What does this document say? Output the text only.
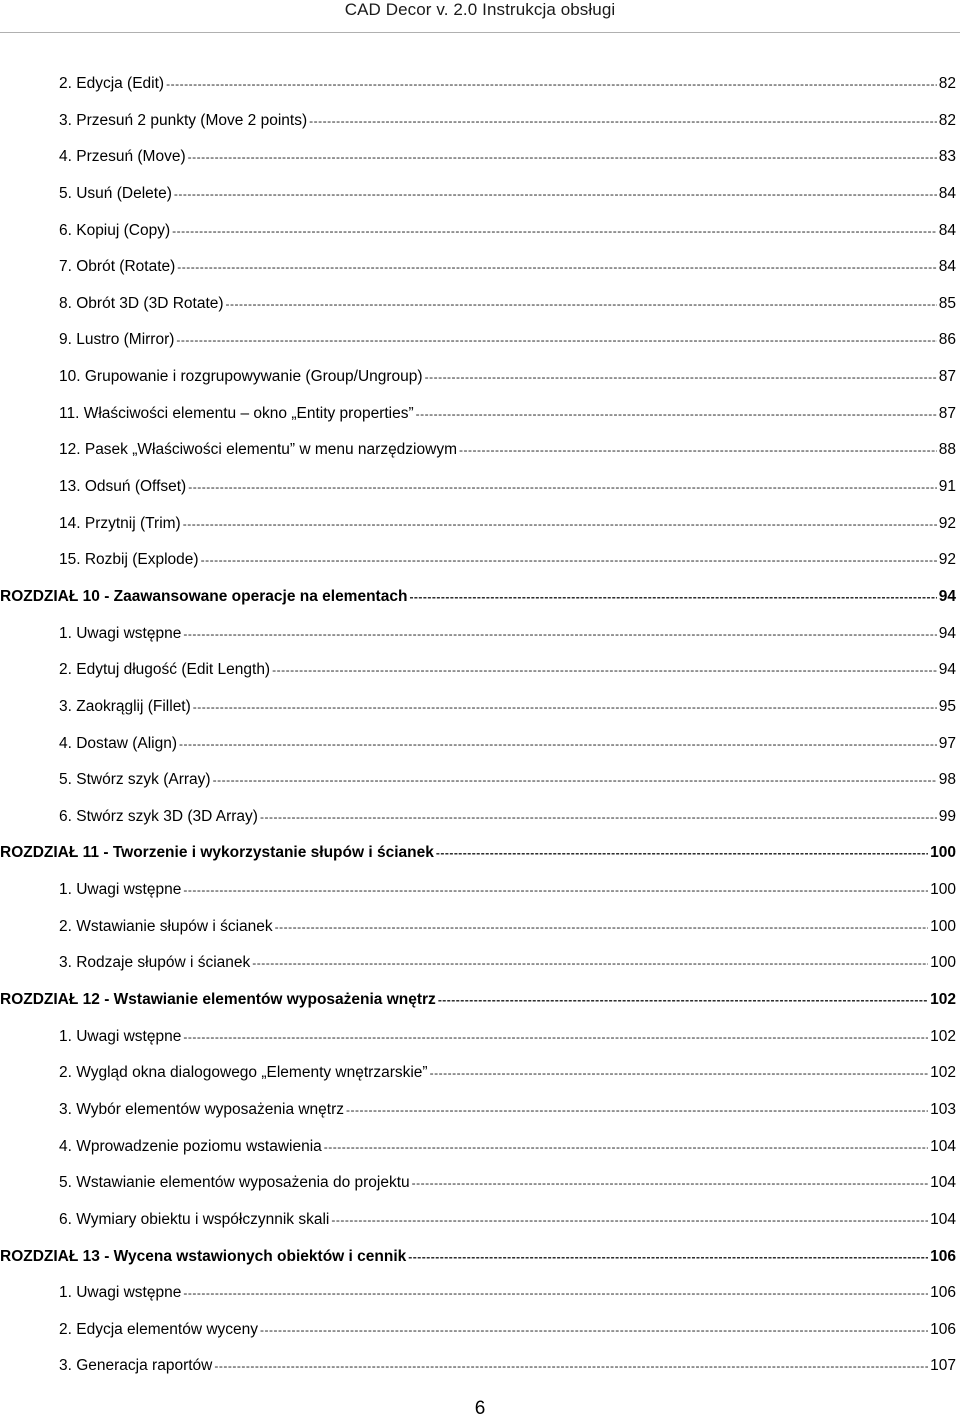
CAD Decor v. 2.0 Instrukcja obsługi
2. Edycja (Edit) -----	82
3. Przesuń 2 punkty (Move 2 points) -----	82
4. Przesuń (Move) -----	83
5. Usuń (Delete) -----	84
6. Kopiuj (Copy) -----	84
7. Obrót (Rotate) -----	84
8. Obrót 3D (3D Rotate) -----	85
9. Lustro (Mirror) -----	86
10. Grupowanie i rozgrupowywanie (Group/Ungroup) -----	87
11. Właściwości elementu – okno „Entity properties” -----	87
12. Pasek „Właściwości elementu” w menu narzędziowym -----	88
13. Odsuń (Offset) -----	91
14. Przytnij (Trim) -----	92
15. Rozbij (Explode) -----	92
ROZDZIAŁ 10 - Zaawansowane operacje na elementach -----	94
1. Uwagi wstępne -----	94
2. Edytuj długość (Edit Length) -----	94
3. Zaokrąglij (Fillet) -----	95
4. Dostaw (Align) -----	97
5. Stwórz szyk (Array) -----	98
6. Stwórz szyk 3D (3D Array) -----	99
ROZDZIAŁ 11 - Tworzenie i wykorzystanie słupów i ścianek -----	100
1. Uwagi wstępne -----	100
2. Wstawianie słupów i ścianek -----	100
3. Rodzaje słupów i ścianek -----	100
ROZDZIAŁ 12 - Wstawianie elementów wyposażenia wnętrz -----	102
1. Uwagi wstępne -----	102
2. Wygląd okna dialogowego „Elementy wnętrzarskie” -----	102
3. Wybór elementów wyposażenia wnętrz -----	103
4. Wprowadzenie poziomu wstawienia -----	104
5. Wstawianie elementów wyposażenia do projektu -----	104
6. Wymiary obiektu i współczynnik skali -----	104
ROZDZIAŁ 13 - Wycena wstawionych obiektów i cennik -----	106
1. Uwagi wstępne -----	106
2. Edycja elementów wyceny -----	106
3. Generacja raportów -----	107
6
